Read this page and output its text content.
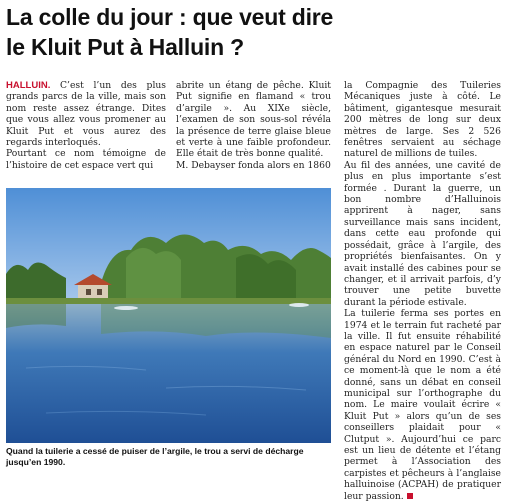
La colle du jour : que veut dire
le Kluit Put à Halluin ?

HALLUIN. C’est l’un des plus grands parcs de la ville, mais son nom reste assez étrange. Dites que vous allez vous promener au Kluit Put et vous aurez des regards interloqués.

Pourtant ce nom témoigne de l’histoire de cet espace vert qui

abrite un étang de pêche. Kluit Put signifie en flamand « trou d’argile ». Au XIXe siècle, l’examen de son sous-sol révéla la présence de terre glaise bleue et verte à une faible profondeur. Elle était de très bonne qualité.

M. Debayser fonda alors en 1860

la Compagnie des Tuileries Mécaniques juste à côté. Le bâtiment, gigantesque mesurait 200 mètres de long sur deux mètres de large. Ses 2 526 fenêtres servaient au séchage naturel de millions de tuiles.

Au fil des années, une cavité de plus en plus importante s’est formée . Durant la guerre, un bon nombre d’Halluinois apprirent à nager, sans surveillance mais sans incident, dans cette eau profonde qui possédait, grâce à l’argile, des propriétés bienfaisantes. On y avait installé des cabines pour se changer, et il arrivait parfois, d’y trouver une petite buvette durant la période estivale.

La tuilerie ferma ses portes en 1974 et le terrain fut racheté par la ville. Il fut ensuite réhabilité en espace naturel par le Conseil général du Nord en 1990. C’est à ce moment-là que le nom a été donné, sans un débat en conseil municipal sur l’orthographe du nom. Le maire voulait écrire « Kluit Put » alors qu’un de ses conseillers plaidait pour « Clutput ». Aujourd’hui ce parc est un lieu de détente et l’étang permet à l’Association des carpistes et pêcheurs à l’anglaise halluinoise (ACPAH) de pratiquer leur passion.

Quand la tuilerie a cessé de puiser de l’argile, le trou a servi de décharge jusqu’en 1990.
